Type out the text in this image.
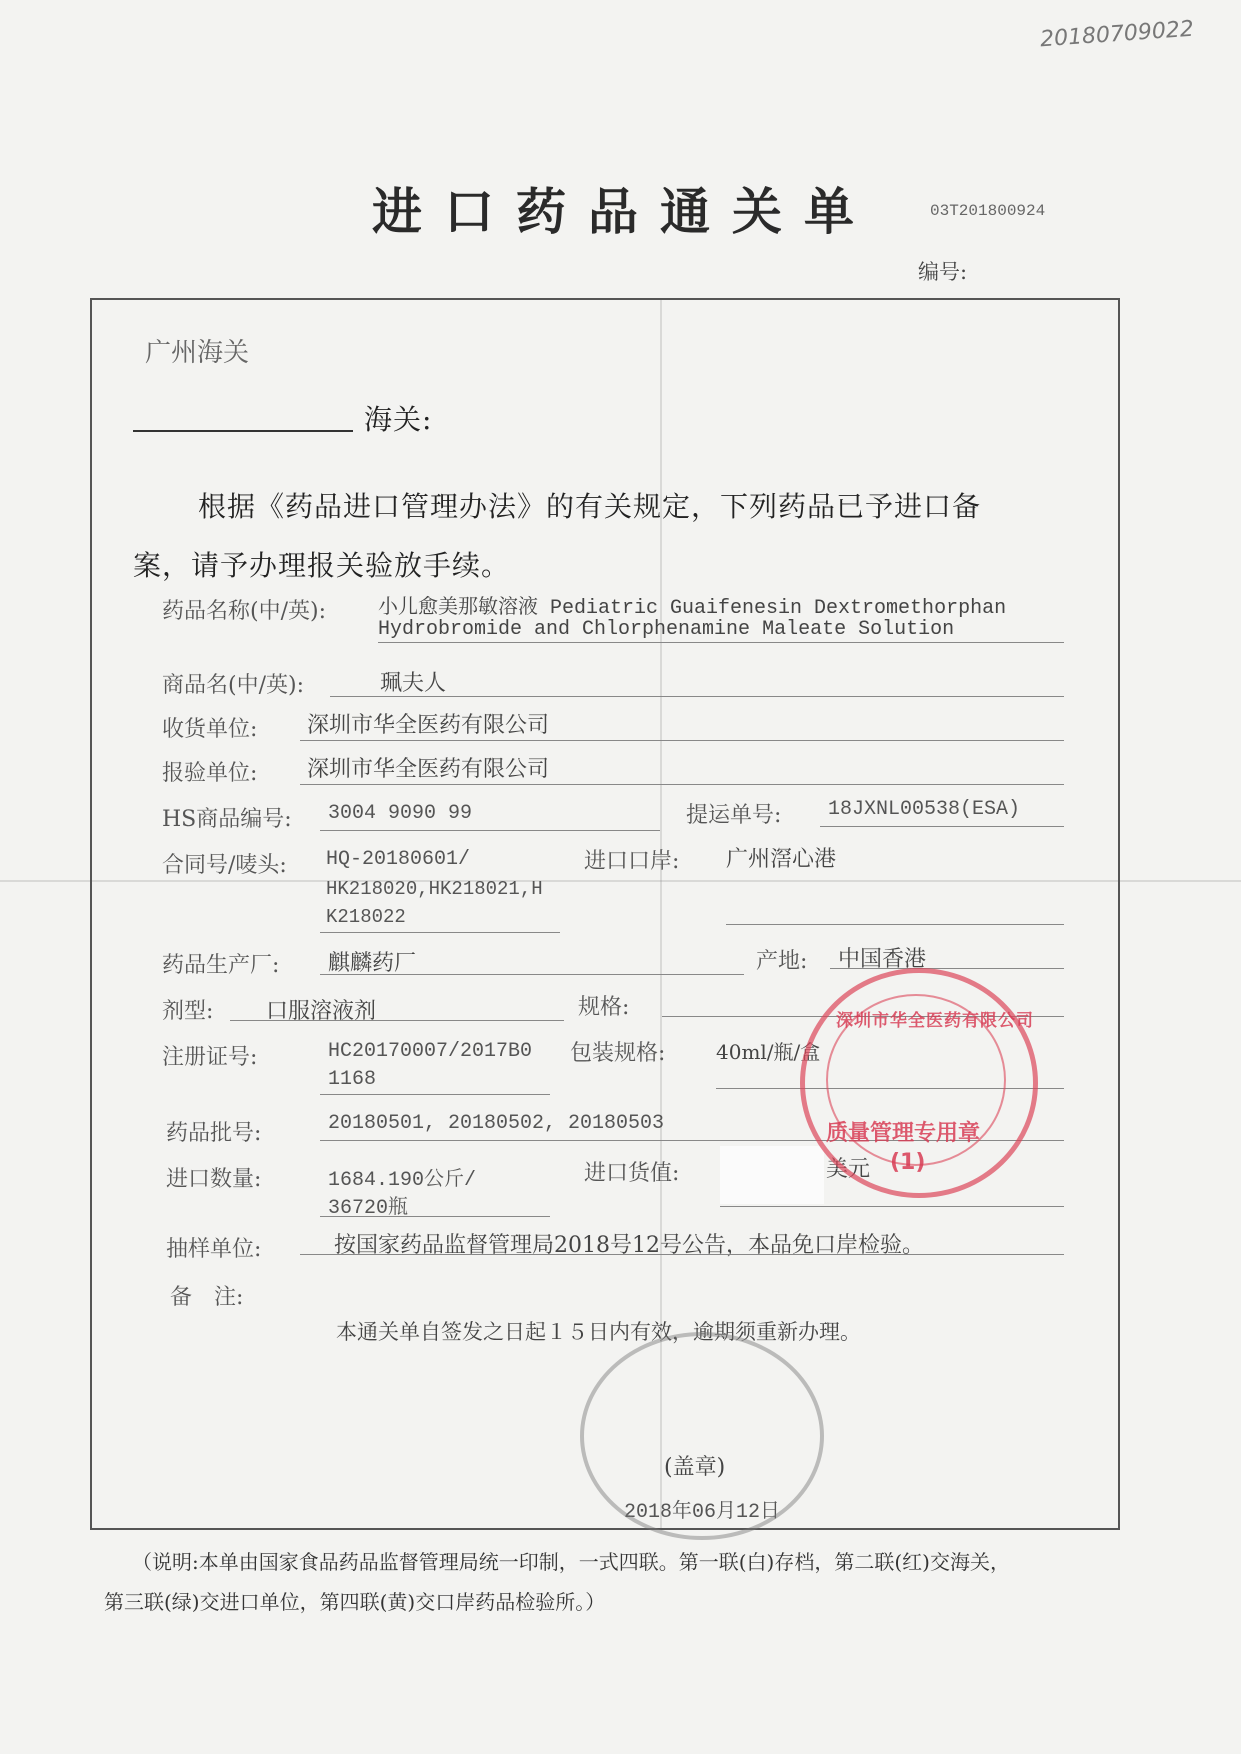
20180709022
进口药品通关单	03T201800924
编号:
广州海关
海关:
根据《药品进口管理办法》的有关规定，下列药品已予进口备
案，请予办理报关验放手续。
药品名称(中/英):	小儿愈美那敏溶液 Pediatric Guaifenesin Dextromethorphan
Hydrobromide and Chlorphenamine Maleate Solution
商品名(中/英):	珮夫人
收货单位: 深圳市华全医药有限公司
报验单位: 深圳市华全医药有限公司
HS商品编号: 3004 9090 99	提运单号: 18JXNL00538(ESA)
合同号/唛头: HQ-20180601/
HK218020,HK218021,H
K218022
进口口岸: 广州滘心港
药品生产厂: 麒麟药厂	产地: 中国香港
剂型: 口服溶液剂	规格:
注册证号:	HC20170007/2017B0
1168
包装规格:	40ml/瓶/盒
药品批号:	20180501, 20180502, 20180503
进口数量:	1684.190公斤/
36720瓶
进口货值:	美元
抽样单位:	按国家药品监督管理局2018号12号公告，本品免口岸检验。
备　注:
本通关单自签发之日起１５日内有效，逾期须重新办理。
(盖章)
2018年06月12日
深圳市华全医药有限公司
质量管理专用章
(1)
（说明:本单由国家食品药品监督管理局统一印制，一式四联。第一联(白)存档，第二联(红)交海关，
第三联(绿)交进口单位，第四联(黄)交口岸药品检验所。）
